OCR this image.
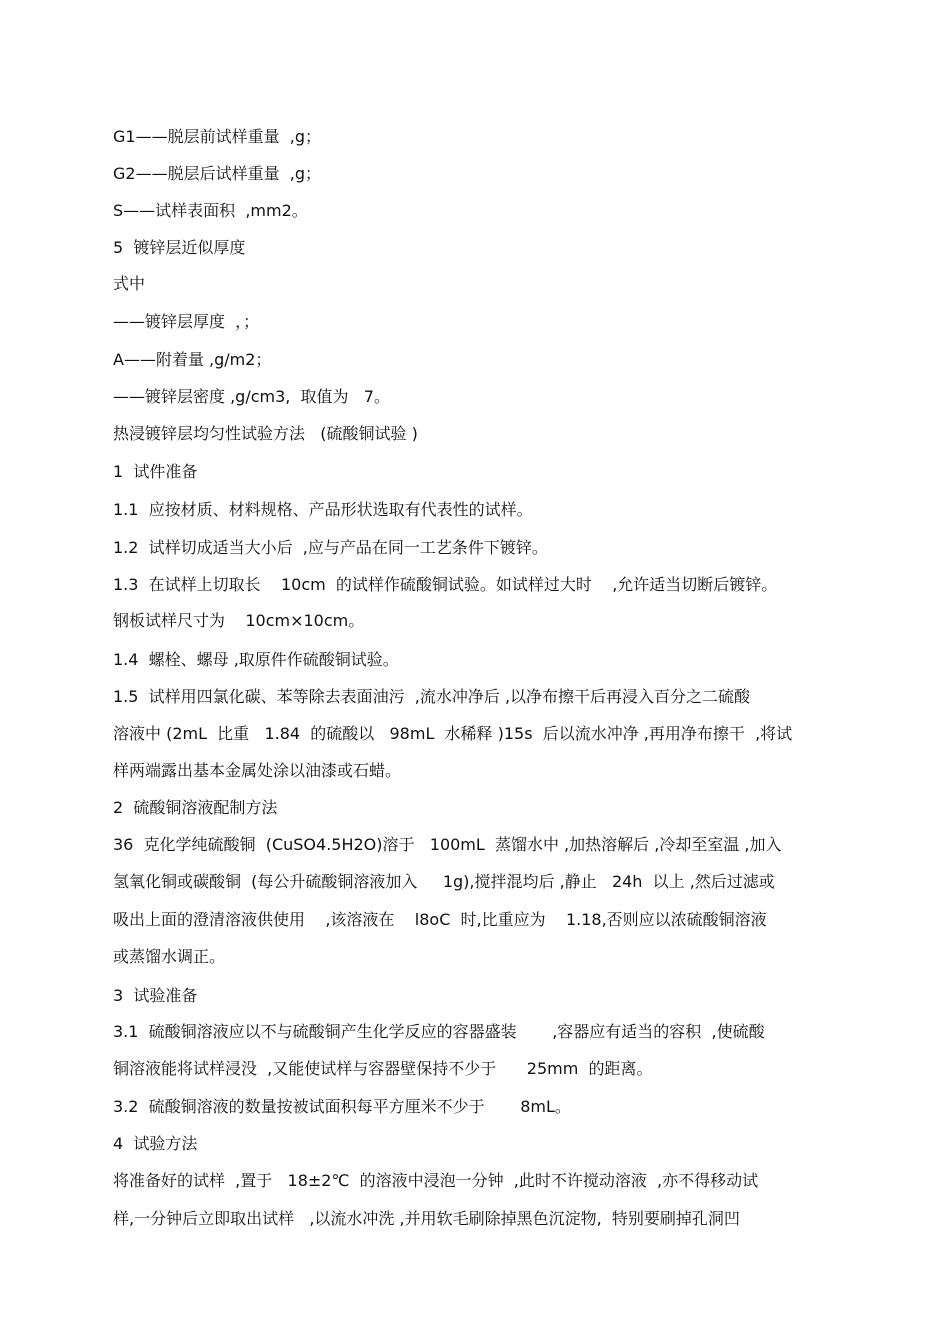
G1——脱层前试样重量  ,g；
G2——脱层后试样重量  ,g；
S——试样表面积  ,mm2。
5  镀锌层近似厚度
式中
——镀锌层厚度  ，；
A——附着量 ,g/m2；
——镀锌层密度 ,g/cm3,  取值为   7。
热浸镀锌层均匀性试验方法   (硫酸铜试验 )
1  试件准备
1.1  应按材质、材料规格、产品形状选取有代表性的试样。
1.2  试样切成适当大小后  ,应与产品在同一工艺条件下镀锌。
1.3  在试样上切取长    10cm  的试样作硫酸铜试验。如试样过大时    ,允许适当切断后镀锌。
钢板试样尺寸为    10cm×10cm。
1.4  螺栓、螺母 ,取原件作硫酸铜试验。
1.5  试样用四氯化碳、苯等除去表面油污  ,流水冲净后 ,以净布擦干后再浸入百分之二硫酸
溶液中 (2mL  比重   1.84  的硫酸以   98mL  水稀释 )15s  后以流水冲净 ,再用净布擦干  ,将试
样两端露出基本金属处涂以油漆或石蜡。
2  硫酸铜溶液配制方法
36  克化学纯硫酸铜  (CuSO4.5H2O)溶于   100mL  蒸馏水中 ,加热溶解后 ,冷却至室温 ,加入
氢氧化铜或碳酸铜  (每公升硫酸铜溶液加入     1g),搅拌混均后 ,静止   24h  以上 ,然后过滤或
吸出上面的澄清溶液供使用    ,该溶液在    l8oC  时,比重应为    1.18,否则应以浓硫酸铜溶液
或蒸馏水调正。
3  试验准备
3.1  硫酸铜溶液应以不与硫酸铜产生化学反应的容器盛装       ,容器应有适当的容积  ,使硫酸
铜溶液能将试样浸没  ,又能使试样与容器壁保持不少于      25mm  的距离。
3.2  硫酸铜溶液的数量按被试面积每平方厘米不少于       8mL。
4  试验方法
将准备好的试样  ,置于   18±2℃  的溶液中浸泡一分钟  ,此时不许搅动溶液  ,亦不得移动试
样,一分钟后立即取出试样   ,以流水冲洗 ,并用软毛刷除掉黑色沉淀物,  特别要刷掉孔洞凹
